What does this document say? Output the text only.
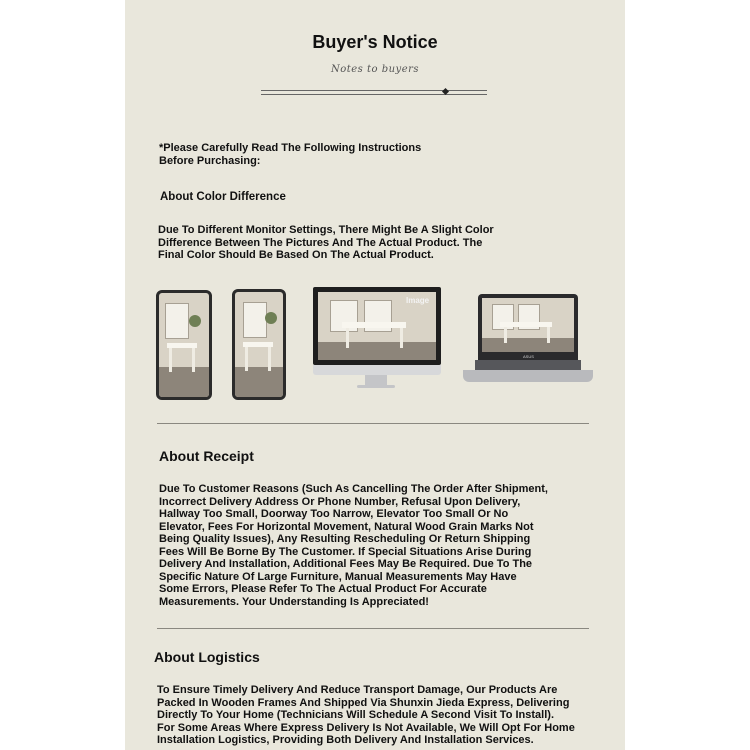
Buyer's Notice
Notes to buyers
*Please Carefully Read The Following Instructions
Before Purchasing:
About Color Difference
Due To Different Monitor Settings, There Might Be A Slight Color
Difference Between The Pictures And The Actual Product. The
Final Color Should Be Based On The Actual Product.
Image
ASUS
About Receipt
Due To Customer Reasons (Such As Cancelling The Order After Shipment,
Incorrect Delivery Address Or Phone Number, Refusal Upon Delivery,
Hallway Too Small, Doorway Too Narrow, Elevator Too Small Or No
Elevator, Fees For Horizontal Movement, Natural Wood Grain Marks Not
Being Quality Issues), Any Resulting Rescheduling Or Return Shipping
Fees Will Be Borne By The Customer. If Special Situations Arise During
Delivery And Installation, Additional Fees May Be Required. Due To The
Specific Nature Of Large Furniture, Manual Measurements May Have
Some Errors, Please Refer To The Actual Product For Accurate
Measurements. Your Understanding Is Appreciated!
About Logistics
To Ensure Timely Delivery And Reduce Transport Damage, Our Products Are
Packed In Wooden Frames And Shipped Via Shunxin Jieda Express, Delivering
Directly To Your Home (Technicians Will Schedule A Second Visit To Install).
For Some Areas Where Express Delivery Is Not Available, We Will Opt For Home
Installation Logistics, Providing Both Delivery And Installation Services.
